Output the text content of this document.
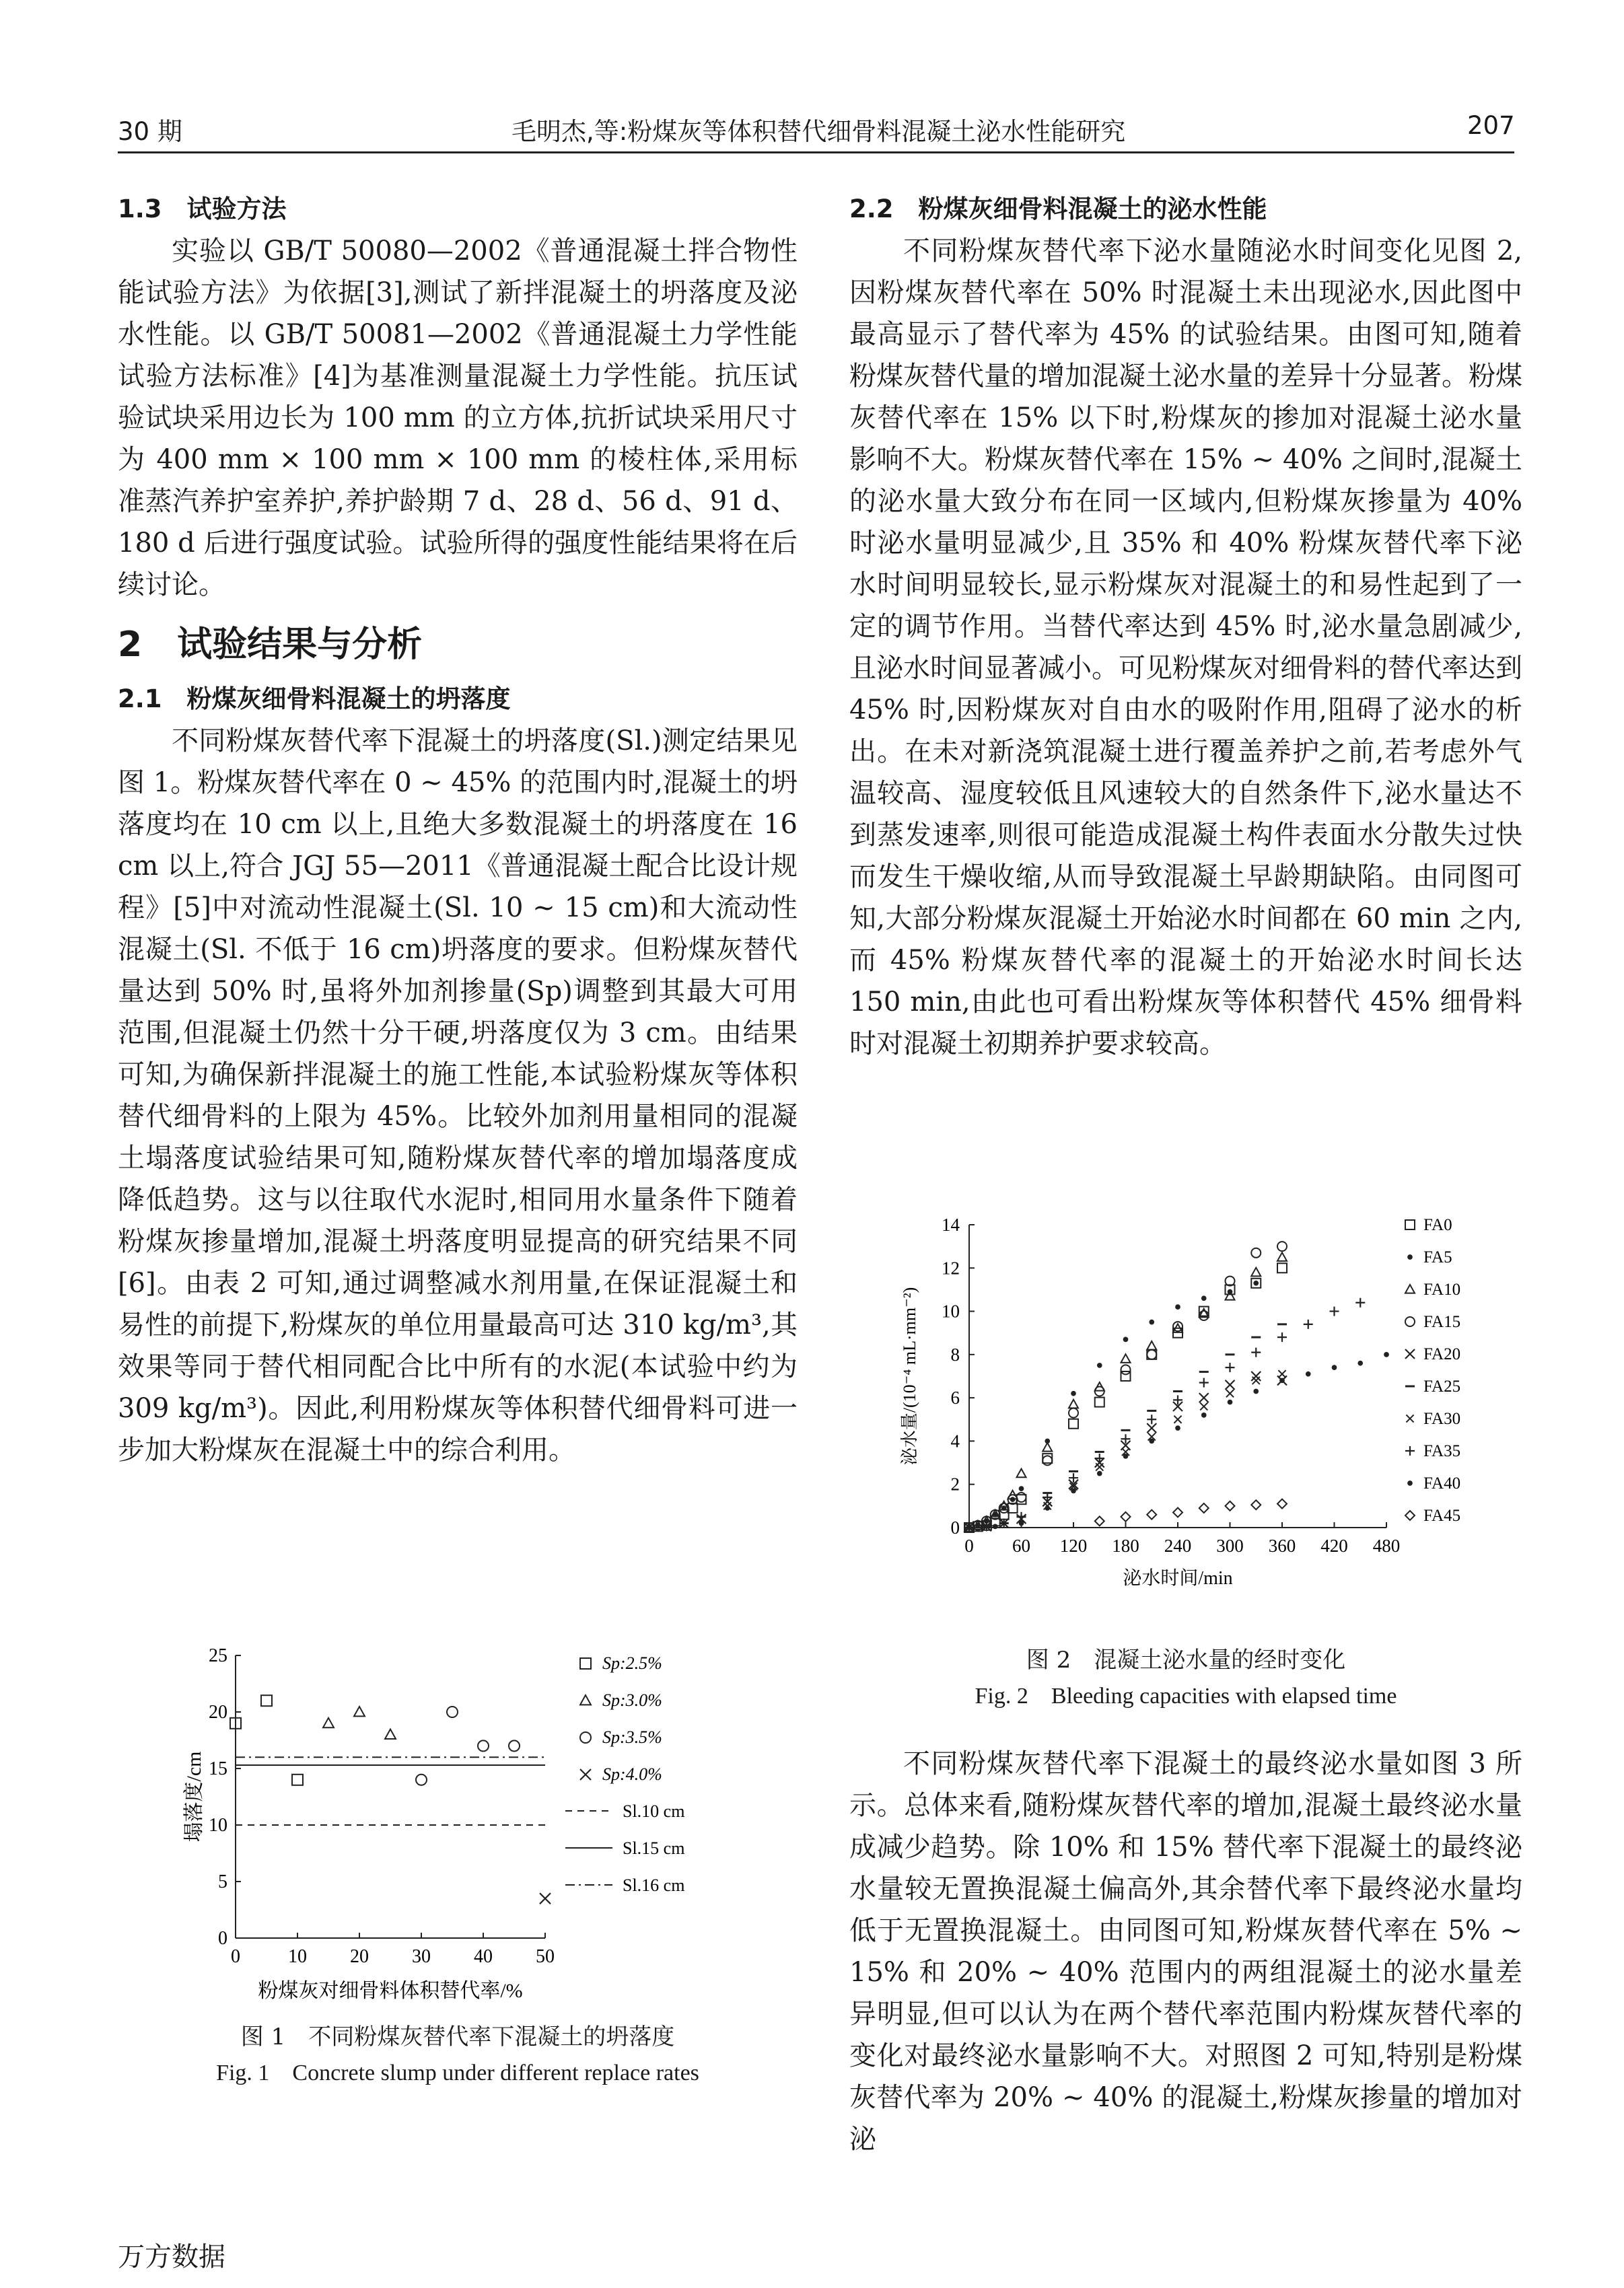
30 期	毛明杰,等:粉煤灰等体积替代细骨料混凝土泌水性能研究	207
1.3　试验方法

实验以 GB/T 50080—2002《普通混凝土拌合物性能试验方法》为依据[3],测试了新拌混凝土的坍落度及泌水性能。以 GB/T 50081—2002《普通混凝土力学性能试验方法标准》[4]为基准测量混凝土力学性能。抗压试验试块采用边长为 100 mm 的立方体,抗折试块采用尺寸为 400 mm × 100 mm × 100 mm 的棱柱体,采用标准蒸汽养护室养护,养护龄期 7 d、28 d、56 d、91 d、180 d 后进行强度试验。试验所得的强度性能结果将在后续讨论。

2　试验结果与分析
2.1　粉煤灰细骨料混凝土的坍落度

不同粉煤灰替代率下混凝土的坍落度(Sl.)测定结果见图 1。粉煤灰替代率在 0 ~ 45% 的范围内时,混凝土的坍落度均在 10 cm 以上,且绝大多数混凝土的坍落度在 16 cm 以上,符合 JGJ 55—2011《普通混凝土配合比设计规程》[5]中对流动性混凝土(Sl. 10 ~ 15 cm)和大流动性混凝土(Sl. 不低于 16 cm)坍落度的要求。但粉煤灰替代量达到 50% 时,虽将外加剂掺量(Sp)调整到其最大可用范围,但混凝土仍然十分干硬,坍落度仅为 3 cm。由结果可知,为确保新拌混凝土的施工性能,本试验粉煤灰等体积替代细骨料的上限为 45%。比较外加剂用量相同的混凝土塌落度试验结果可知,随粉煤灰替代率的增加塌落度成降低趋势。这与以往取代水泥时,相同用水量条件下随着粉煤灰掺量增加,混凝土坍落度明显提高的研究结果不同[6]。由表 2 可知,通过调整减水剂用量,在保证混凝土和易性的前提下,粉煤灰的单位用量最高可达 310 kg/m³,其效果等同于替代相同配合比中所有的水泥(本试验中约为 309 kg/m³)。因此,利用粉煤灰等体积替代细骨料可进一步加大粉煤灰在混凝土中的综合利用。

0
5
10
15
20
25
0	10 20 30 40 50
粉煤灰对细骨料体积替代率/%
塌落度/cm
Sp:2.5%
Sp:3.0%
Sp:3.5%
Sp:4.0%
Sl.10 cm
Sl.15 cm
Sl.16 cm
图 1　不同粉煤灰替代率下混凝土的坍落度
Fig. 1　Concrete slump under different replace rates
2.2　粉煤灰细骨料混凝土的泌水性能

不同粉煤灰替代率下泌水量随泌水时间变化见图 2,因粉煤灰替代率在 50% 时混凝土未出现泌水,因此图中最高显示了替代率为 45% 的试验结果。由图可知,随着粉煤灰替代量的增加混凝土泌水量的差异十分显著。粉煤灰替代率在 15% 以下时,粉煤灰的掺加对混凝土泌水量影响不大。粉煤灰替代率在 15% ~ 40% 之间时,混凝土的泌水量大致分布在同一区域内,但粉煤灰掺量为 40% 时泌水量明显减少,且 35% 和 40% 粉煤灰替代率下泌水时间明显较长,显示粉煤灰对混凝土的和易性起到了一定的调节作用。当替代率达到 45% 时,泌水量急剧减少,且泌水时间显著减小。可见粉煤灰对细骨料的替代率达到 45% 时,因粉煤灰对自由水的吸附作用,阻碍了泌水的析出。在未对新浇筑混凝土进行覆盖养护之前,若考虑外气温较高、湿度较低且风速较大的自然条件下,泌水量达不到蒸发速率,则很可能造成混凝土构件表面水分散失过快而发生干燥收缩,从而导致混凝土早龄期缺陷。由同图可知,大部分粉煤灰混凝土开始泌水时间都在 60 min 之内,而 45% 粉煤灰替代率的混凝土的开始泌水时间长达 150 min,由此也可看出粉煤灰等体积替代 45% 细骨料时对混凝土初期养护要求较高。

0
2
4
6
8
10
12
14
0 60 120 180 240 300 360 420 480
泌水时间/min
泌水量/(10⁻⁴ mL·mm⁻²)
FA0
FA5
FA10
FA15
FA20
FA25
FA30
FA35
FA40
FA45
图 2　混凝土泌水量的经时变化
Fig. 2　Bleeding capacities with elapsed time

不同粉煤灰替代率下混凝土的最终泌水量如图 3 所示。总体来看,随粉煤灰替代率的增加,混凝土最终泌水量成减少趋势。除 10% 和 15% 替代率下混凝土的最终泌水量较无置换混凝土偏高外,其余替代率下最终泌水量均低于无置换混凝土。由同图可知,粉煤灰替代率在 5% ~ 15% 和 20% ~ 40% 范围内的两组混凝土的泌水量差异明显,但可以认为在两个替代率范围内粉煤灰替代率的变化对最终泌水量影响不大。对照图 2 可知,特别是粉煤灰替代率为 20% ~ 40% 的混凝土,粉煤灰掺量的增加对泌

万方数据
